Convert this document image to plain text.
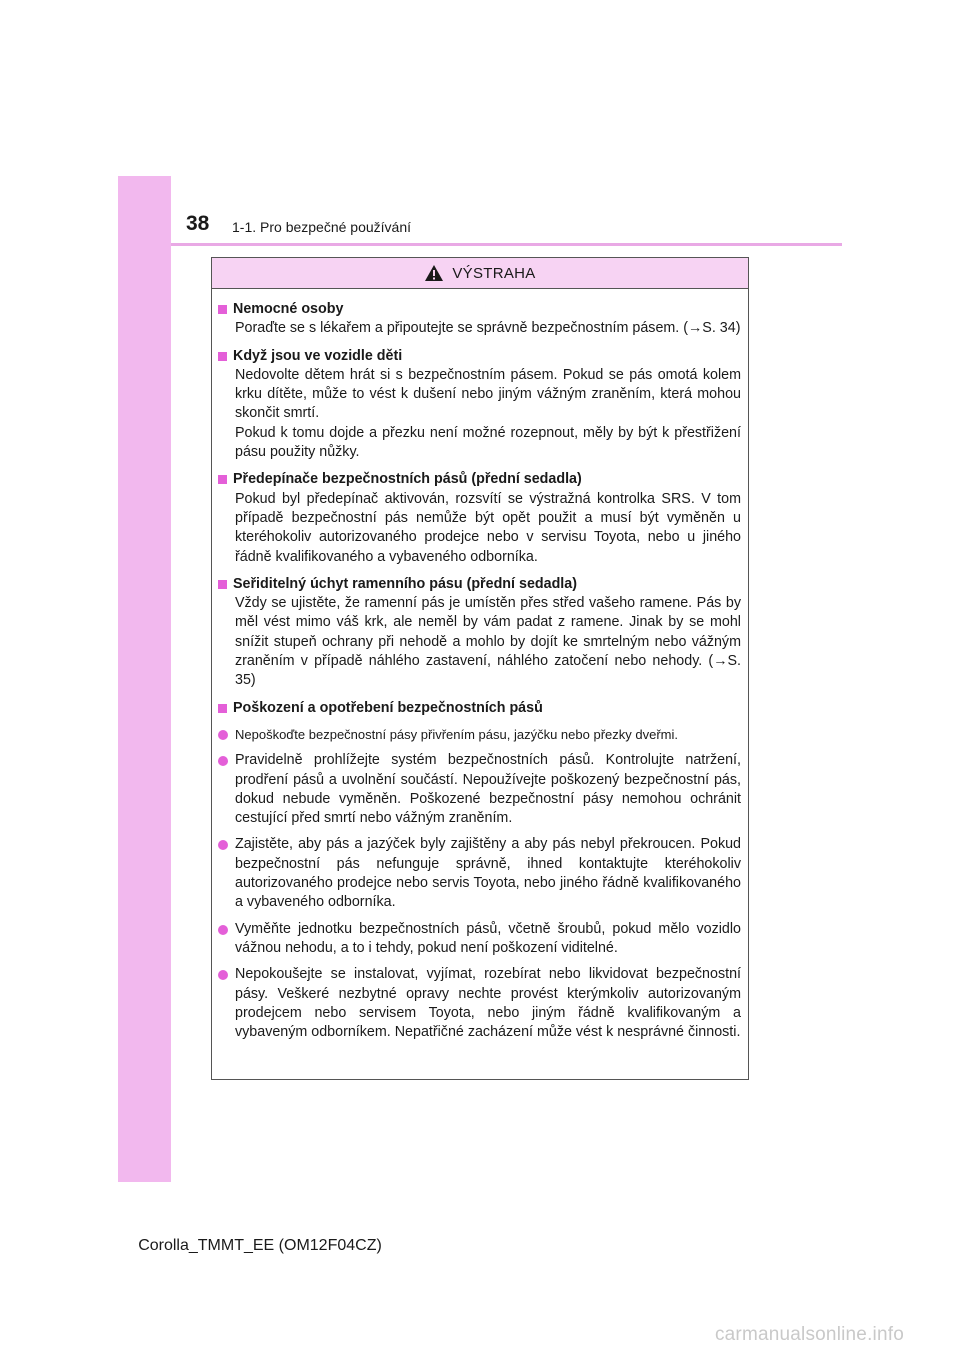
38 1-1. Pro bezpečné používání
VÝSTRAHA
Nemocné osoby
Poraďte se s lékařem a připoutejte se správně bezpečnostním pásem. (→S. 34)
Když jsou ve vozidle děti
Nedovolte dětem hrát si s bezpečnostním pásem. Pokud se pás omotá kolem krku dítěte, může to vést k dušení nebo jiným vážným zraněním, která mohou skončit smrtí.
Pokud k tomu dojde a přezku není možné rozepnout, měly by být k přestřižení pásu použity nůžky.
Předepínače bezpečnostních pásů (přední sedadla)
Pokud byl předepínač aktivován, rozsvítí se výstražná kontrolka SRS. V tom případě bezpečnostní pás nemůže být opět použit a musí být vyměněn u kteréhokoliv autorizovaného prodejce nebo v servisu Toyota, nebo u jiného řádně kvalifikovaného a vybaveného odborníka.
Seřiditelný úchyt ramenního pásu (přední sedadla)
Vždy se ujistěte, že ramenní pás je umístěn přes střed vašeho ramene. Pás by měl vést mimo váš krk, ale neměl by vám padat z ramene. Jinak by se mohl snížit stupeň ochrany při nehodě a mohlo by dojít ke smrtelným nebo vážným zraněním v případě náhlého zastavení, náhlého zatočení nebo nehody. (→S. 35)
Poškození a opotřebení bezpečnostních pásů
Nepoškoďte bezpečnostní pásy přivřením pásu, jazýčku nebo přezky dveřmi.
Pravidelně prohlížejte systém bezpečnostních pásů. Kontrolujte natržení, prodření pásů a uvolnění součástí. Nepoužívejte poškozený bezpečnostní pás, dokud nebude vyměněn. Poškozené bezpečnostní pásy nemohou ochránit cestující před smrtí nebo vážným zraněním.
Zajistěte, aby pás a jazýček byly zajištěny a aby pás nebyl překroucen. Pokud bezpečnostní pás nefunguje správně, ihned kontaktujte kteréhokoliv autorizovaného prodejce nebo servis Toyota, nebo jiného řádně kvalifikovaného a vybaveného odborníka.
Vyměňte jednotku bezpečnostních pásů, včetně šroubů, pokud mělo vozidlo vážnou nehodu, a to i tehdy, pokud není poškození viditelné.
Nepokoušejte se instalovat, vyjímat, rozebírat nebo likvidovat bezpečnostní pásy. Veškeré nezbytné opravy nechte provést kterýmkoliv autorizovaným prodejcem nebo servisem Toyota, nebo jiným řádně kvalifikovaným a vybaveným odborníkem. Nepatřičné zacházení může vést k nesprávné činnosti.
Corolla_TMMT_EE (OM12F04CZ)
carmanualsonline.info
